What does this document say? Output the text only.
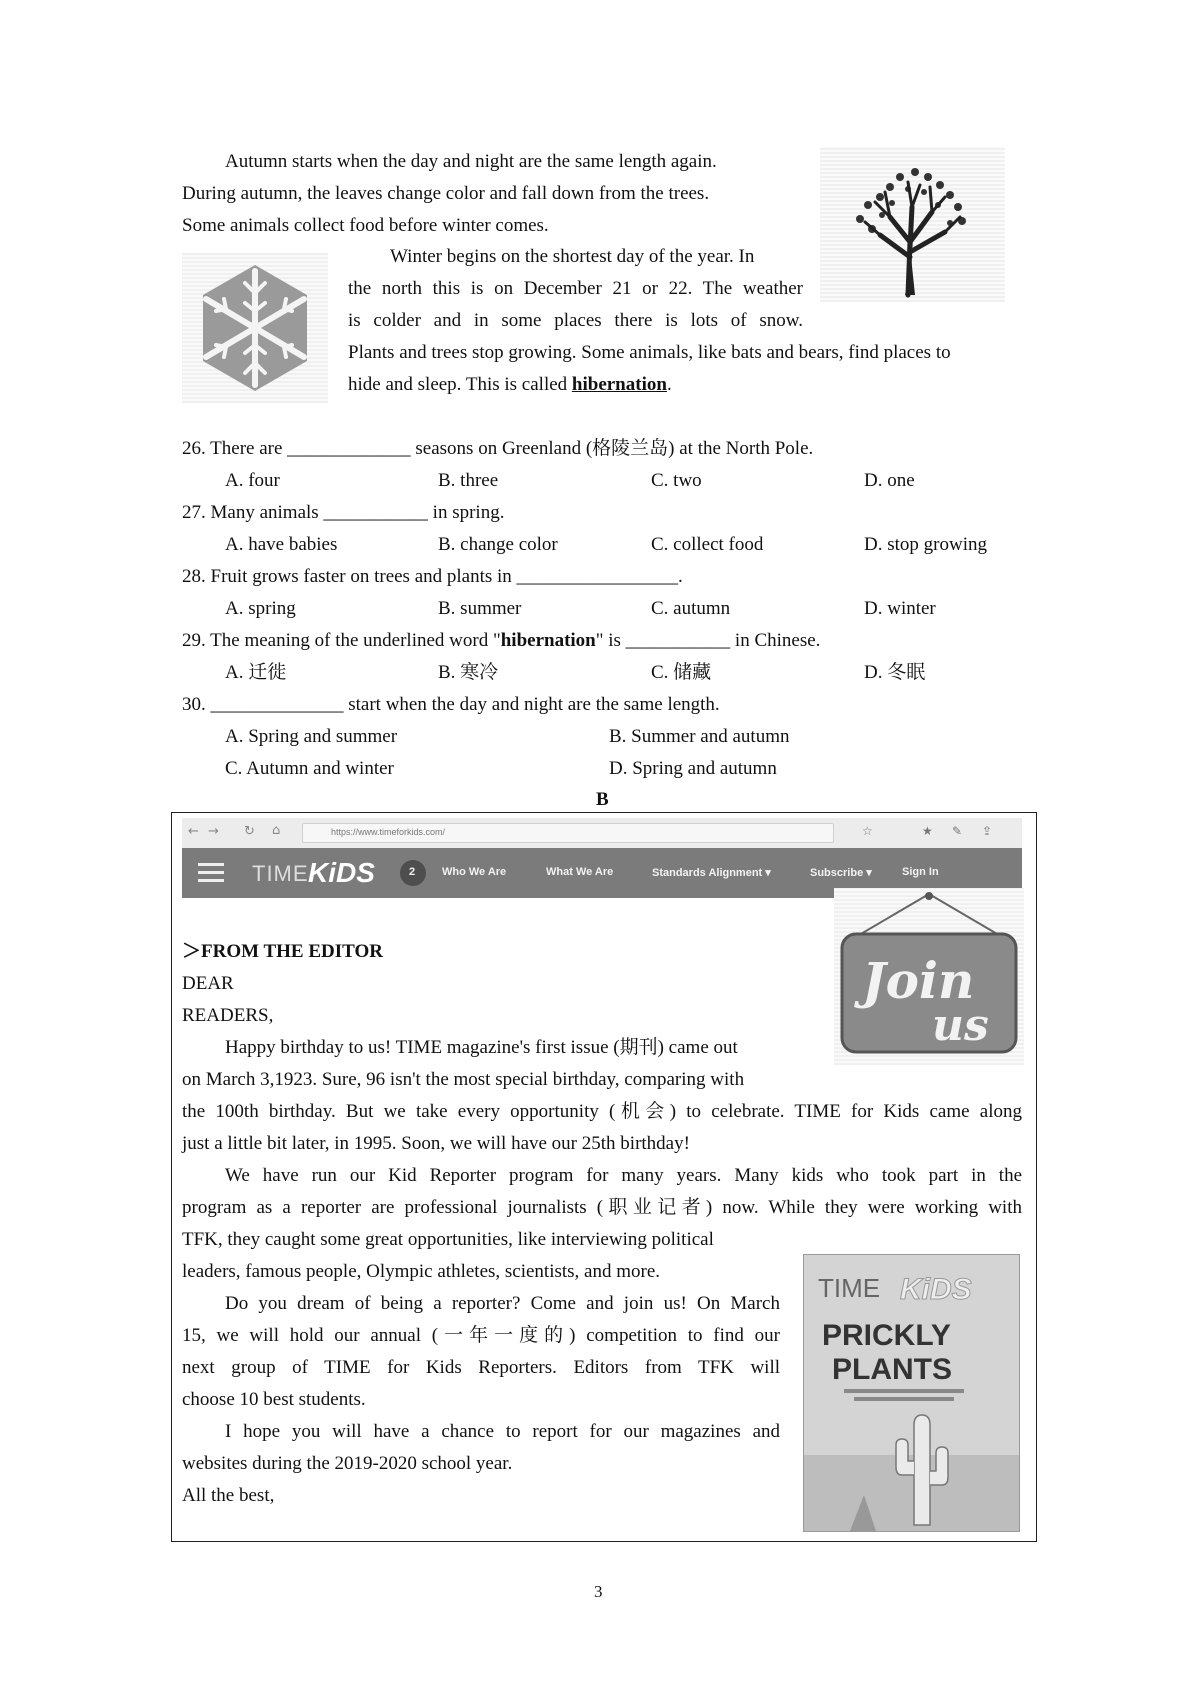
Autumn starts when the day and night are the same length again.
During autumn, the leaves change color and fall down from the trees.
Some animals collect food before winter comes.
Winter begins on the shortest day of the year. In
the north this is on December 21 or 22. The weather
is colder and in some places there is lots of snow.
Plants and trees stop growing. Some animals, like bats and bears, find places to
hide and sleep. This is called hibernation.
26. There are _____________ seasons on Greenland (格陵兰岛) at the North Pole.
A. four	B. three	C. two	D. one
27. Many animals ___________ in spring.
A. have babies	B. change color	C. collect food	D. stop growing
28. Fruit grows faster on trees and plants in _________________.
A. spring	B. summer	C. autumn	D. winter
29. The meaning of the underlined word "hibernation" is ___________ in Chinese.
A. 迁徙	B. 寒冷	C. 储藏	D. 冬眠
30. ______________ start when the day and night are the same length.
A. Spring and summer	B. Summer and autumn
C. Autumn and winter	D. Spring and autumn
B
← → ↻ ⌂	https://www.timeforkids.com/	☆	★ ✎ ⇪
TIME KiDS	2 Who We Are	What We Are	Standards Alignment ▾	Subscribe ▾	Sign In
Join
us
＞FROM THE EDITOR
DEAR
READERS,
Happy birthday to us! TIME magazine's first issue (期刊) came out
on March 3,1923. Sure, 96 isn't the most special birthday, comparing with
the 100th birthday. But we take every opportunity (机会) to celebrate. TIME for Kids came along
just a little bit later, in 1995. Soon, we will have our 25th birthday!
We have run our Kid Reporter program for many years. Many kids who took part in the
program as a reporter are professional journalists (职业记者) now. While they were working with
TFK, they caught some great opportunities, like interviewing political
leaders, famous people, Olympic athletes, scientists, and more.
Do you dream of being a reporter? Come and join us! On March
15, we will hold our annual (一年一度的) competition to find our
next group of TIME for Kids Reporters. Editors from TFK will
choose 10 best students.
I hope you will have a chance to report for our magazines and
websites during the 2019-2020 school year.
All the best,
TIME KiDS
PRICKLY
PLANTS
3
